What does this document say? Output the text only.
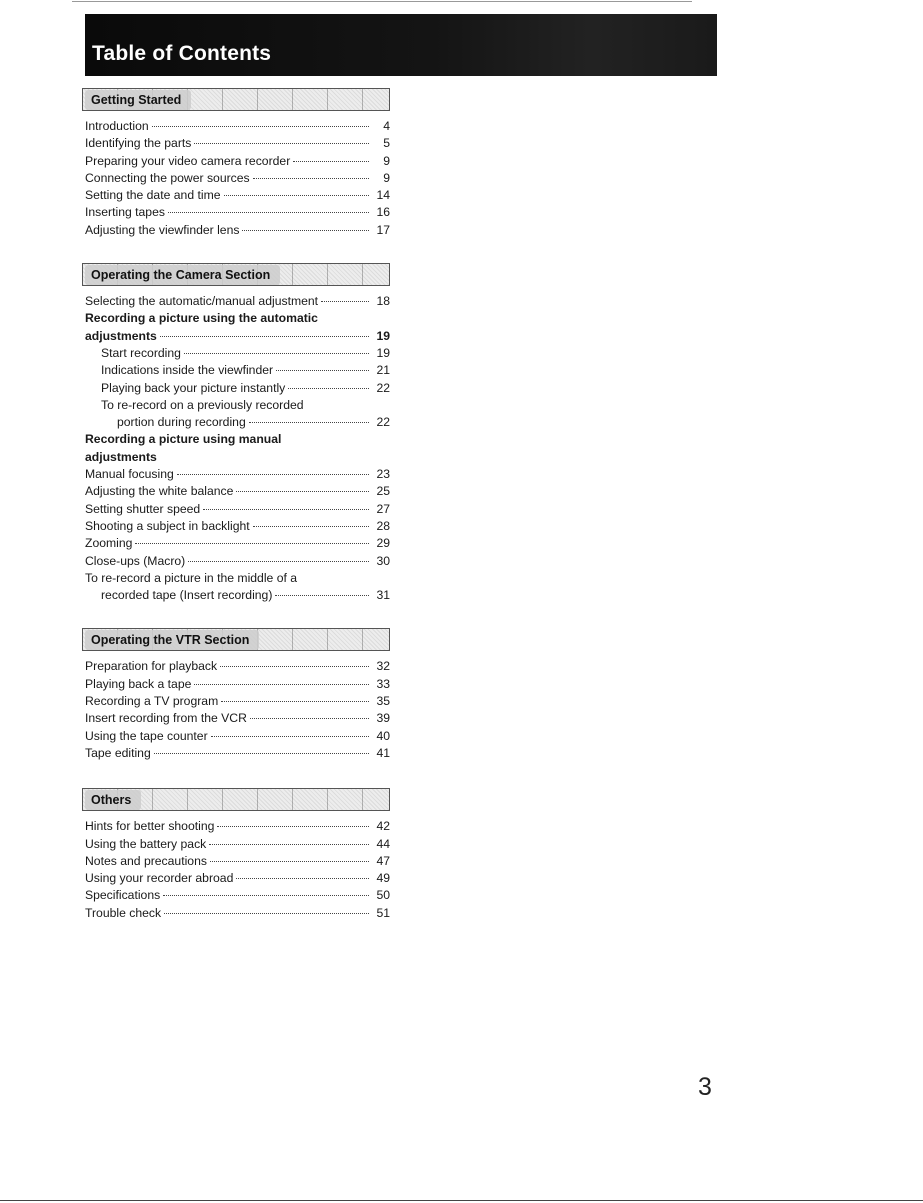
Table of Contents
Getting Started
Introduction	4
Identifying the parts	5
Preparing your video camera recorder	9
Connecting the power sources	9
Setting the date and time	14
Inserting tapes	16
Adjusting the viewfinder lens	17
Operating the Camera Section
Selecting the automatic/manual adjustment	18
Recording a picture using the automatic
adjustments	19
Start recording	19
Indications inside the viewfinder	21
Playing back your picture instantly	22
To re-record on a previously recorded
portion during recording	22
Recording a picture using manual
adjustments
Manual focusing	23
Adjusting the white balance	25
Setting shutter speed	27
Shooting a subject in backlight	28
Zooming	29
Close-ups (Macro)	30
To re-record a picture in the middle of a
recorded tape (Insert recording)	31
Operating the VTR Section
Preparation for playback	32
Playing back a tape	33
Recording a TV program	35
Insert recording from the VCR	39
Using the tape counter	40
Tape editing	41
Others
Hints for better shooting	42
Using the battery pack	44
Notes and precautions	47
Using your recorder abroad	49
Specifications	50
Trouble check	51
3
